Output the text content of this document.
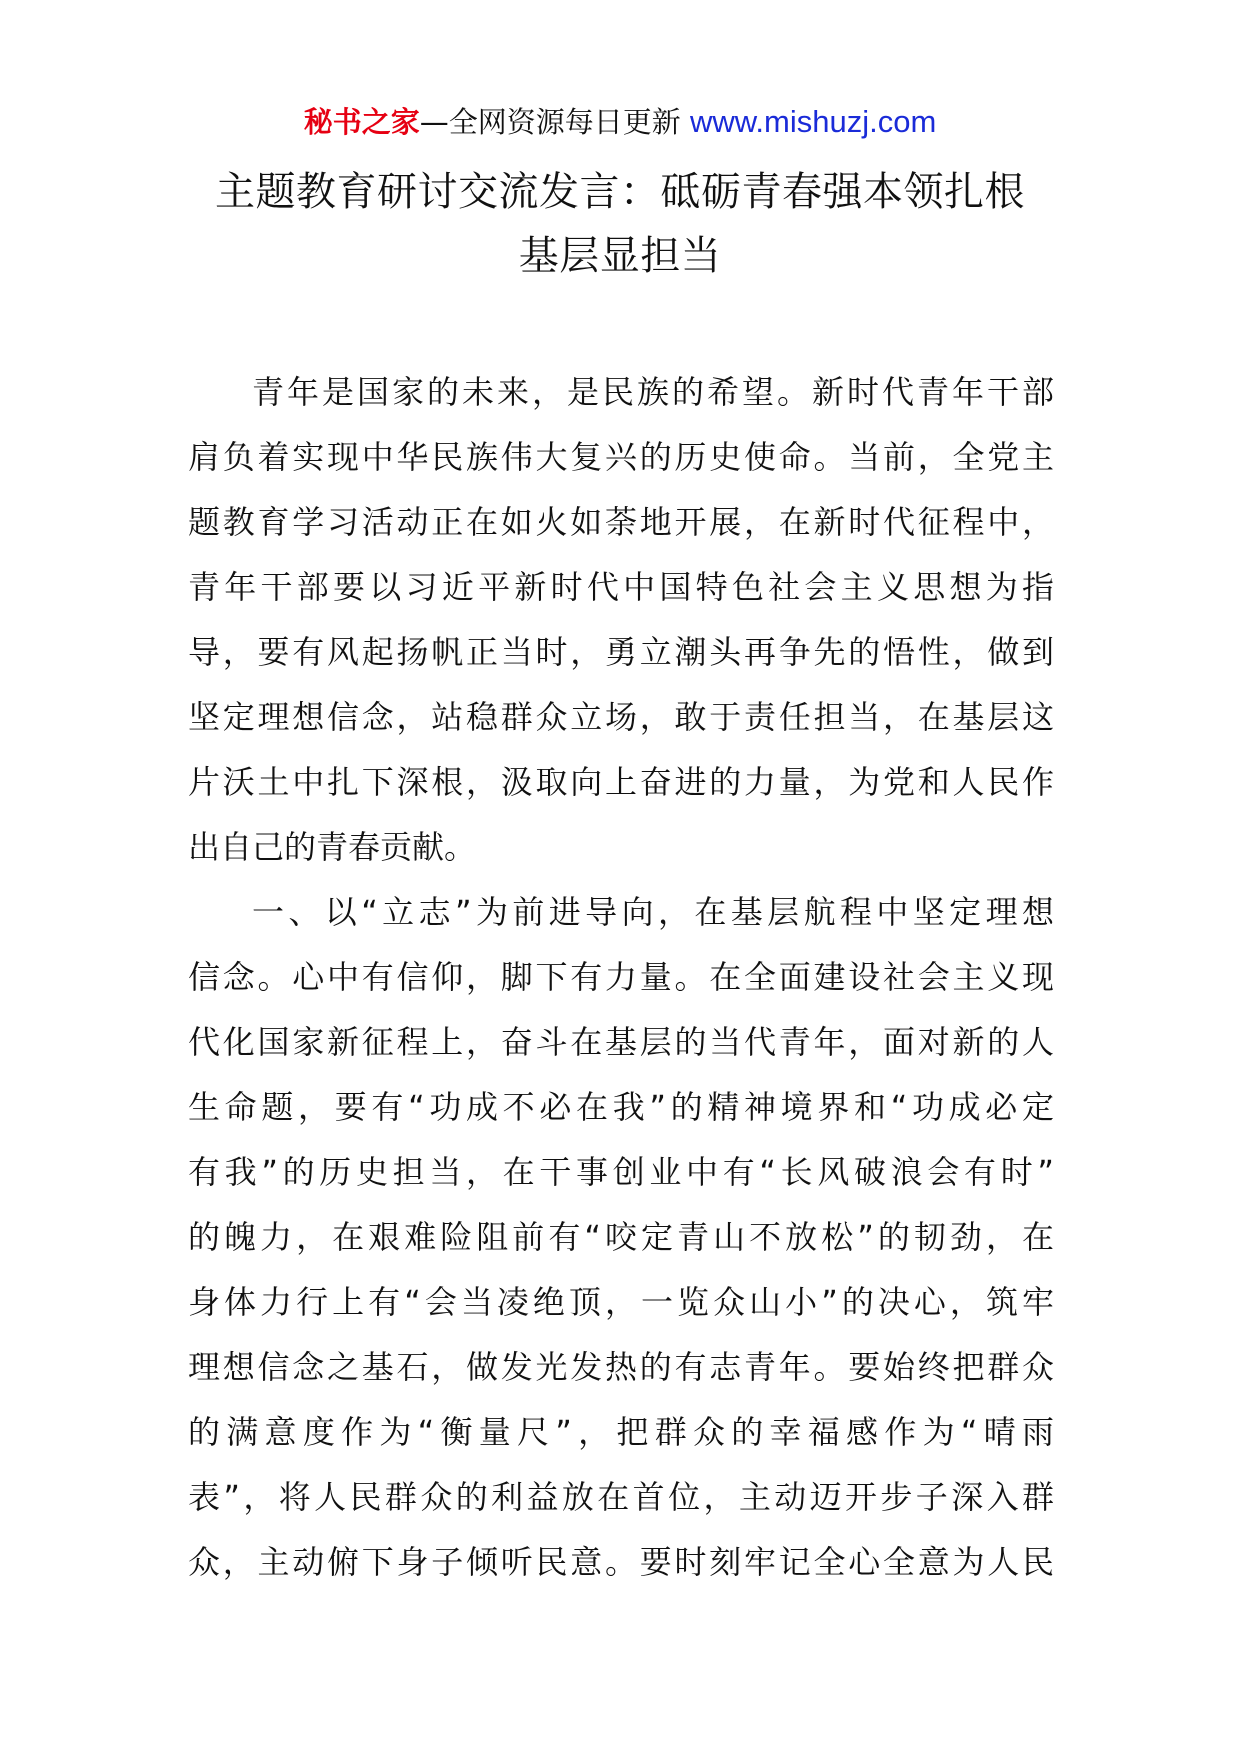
秘书之家—全网资源每日更新 www.mishuzj.com
主题教育研讨交流发言：砥砺青春强本领扎根
基层显担当

青年是国家的未来，是民族的希望。新时代青年干部
肩负着实现中华民族伟大复兴的历史使命。当前，全党主
题教育学习活动正在如火如荼地开展，在新时代征程中，
青年干部要以习近平新时代中国特色社会主义思想为指
导，要有风起扬帆正当时，勇立潮头再争先的悟性，做到
坚定理想信念，站稳群众立场，敢于责任担当，在基层这
片沃土中扎下深根，汲取向上奋进的力量，为党和人民作
出自己的青春贡献。

一、以“立志”为前进导向，在基层航程中坚定理想
信念。心中有信仰，脚下有力量。在全面建设社会主义现
代化国家新征程上，奋斗在基层的当代青年，面对新的人
生命题，要有“功成不必在我”的精神境界和“功成必定
有我”的历史担当，在干事创业中有“长风破浪会有时”
的魄力，在艰难险阻前有“咬定青山不放松”的韧劲，在
身体力行上有“会当凌绝顶，一览众山小”的决心，筑牢
理想信念之基石，做发光发热的有志青年。要始终把群众
的满意度作为“衡量尺”，把群众的幸福感作为“晴雨
表”，将人民群众的利益放在首位，主动迈开步子深入群
众，主动俯下身子倾听民意。要时刻牢记全心全意为人民
